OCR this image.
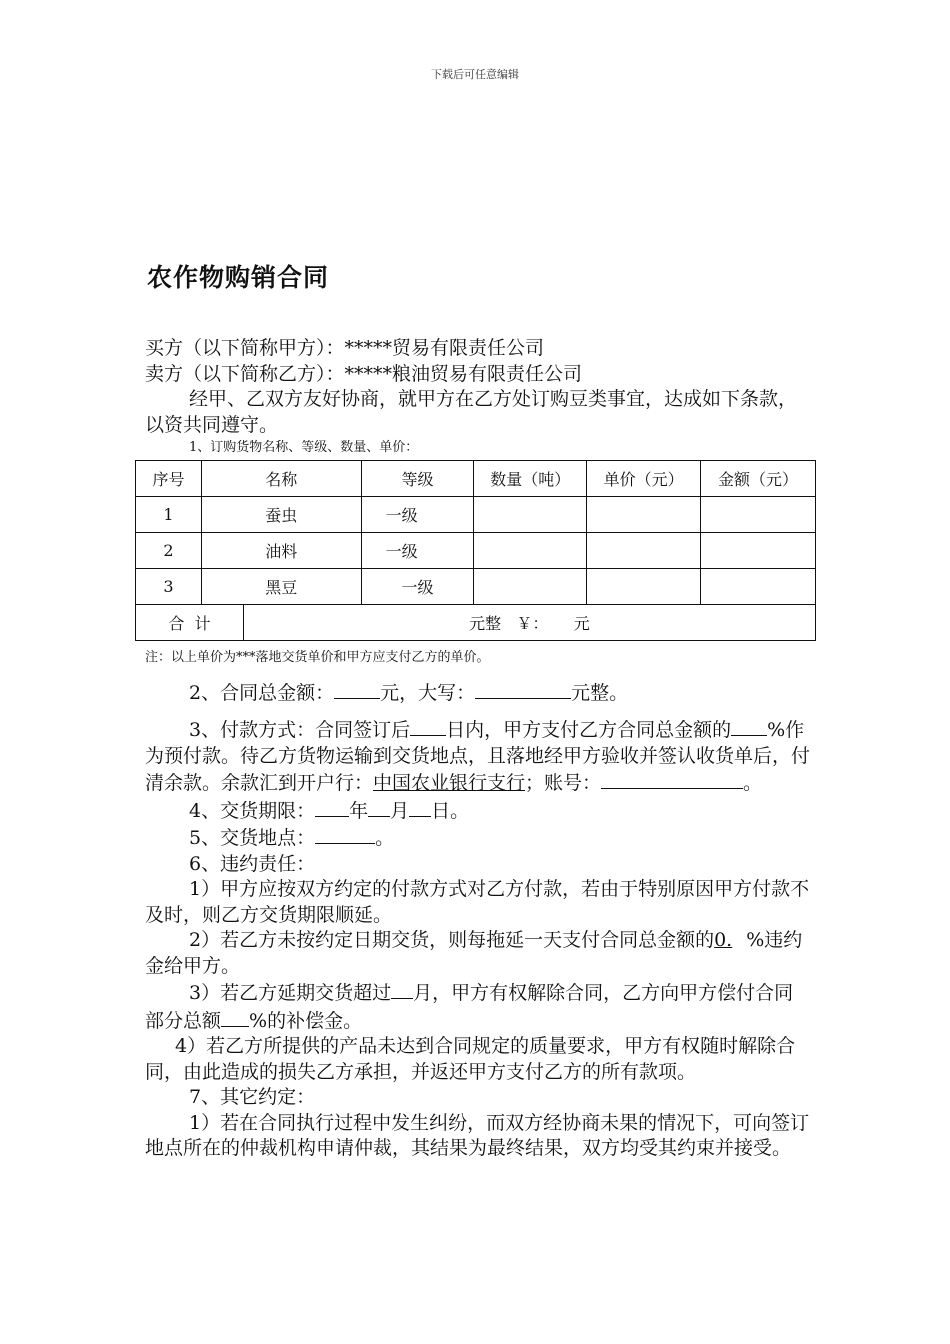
下载后可任意编辑
农作物购销合同

买方（以下简称甲方）：*****贸易有限责任公司

卖方（以下简称乙方）：*****粮油贸易有限责任公司

经甲、乙双方友好协商，就甲方在乙方处订购豆类事宜，达成如下条款，以资共同遵守。

1、订购货物名称、等级、数量、单价：

序号	名称		等级	数量（吨）	单价（元）	金额（元）
1	蚕虫		一级			
2	油料		一级			
3	黑豆		一级			
合  计		元整   ￥：     元				
注：以上单价为***落地交货单价和甲方应支付乙方的单价。

2、合同总金额： 元，大写：	元整。

3、付款方式：合同签订后 日内，甲方支付乙方合同总金额的 %作为预付款。待乙方货物运输到交货地点，且落地经甲方验收并签认收货单后，付清余款。余款汇到开户行：中国农业银行支行；账号：	。

4、交货期限： 年 月 日。

5、交货地点：	。

6、违约责任：

1）甲方应按双方约定的付款方式对乙方付款，若由于特别原因甲方付款不及时，则乙方交货期限顺延。

2）若乙方未按约定日期交货，则每拖延一天支付合同总金额的0. %违约金给甲方。

3）若乙方延期交货超过 月，甲方有权解除合同，乙方向甲方偿付合同部分总额 %的补偿金。

4）若乙方所提供的产品未达到合同规定的质量要求，甲方有权随时解除合同，由此造成的损失乙方承担，并返还甲方支付乙方的所有款项。

7、其它约定：

1）若在合同执行过程中发生纠纷，而双方经协商未果的情况下，可向签订地点所在的仲裁机构申请仲裁，其结果为最终结果，双方均受其约束并接受。
